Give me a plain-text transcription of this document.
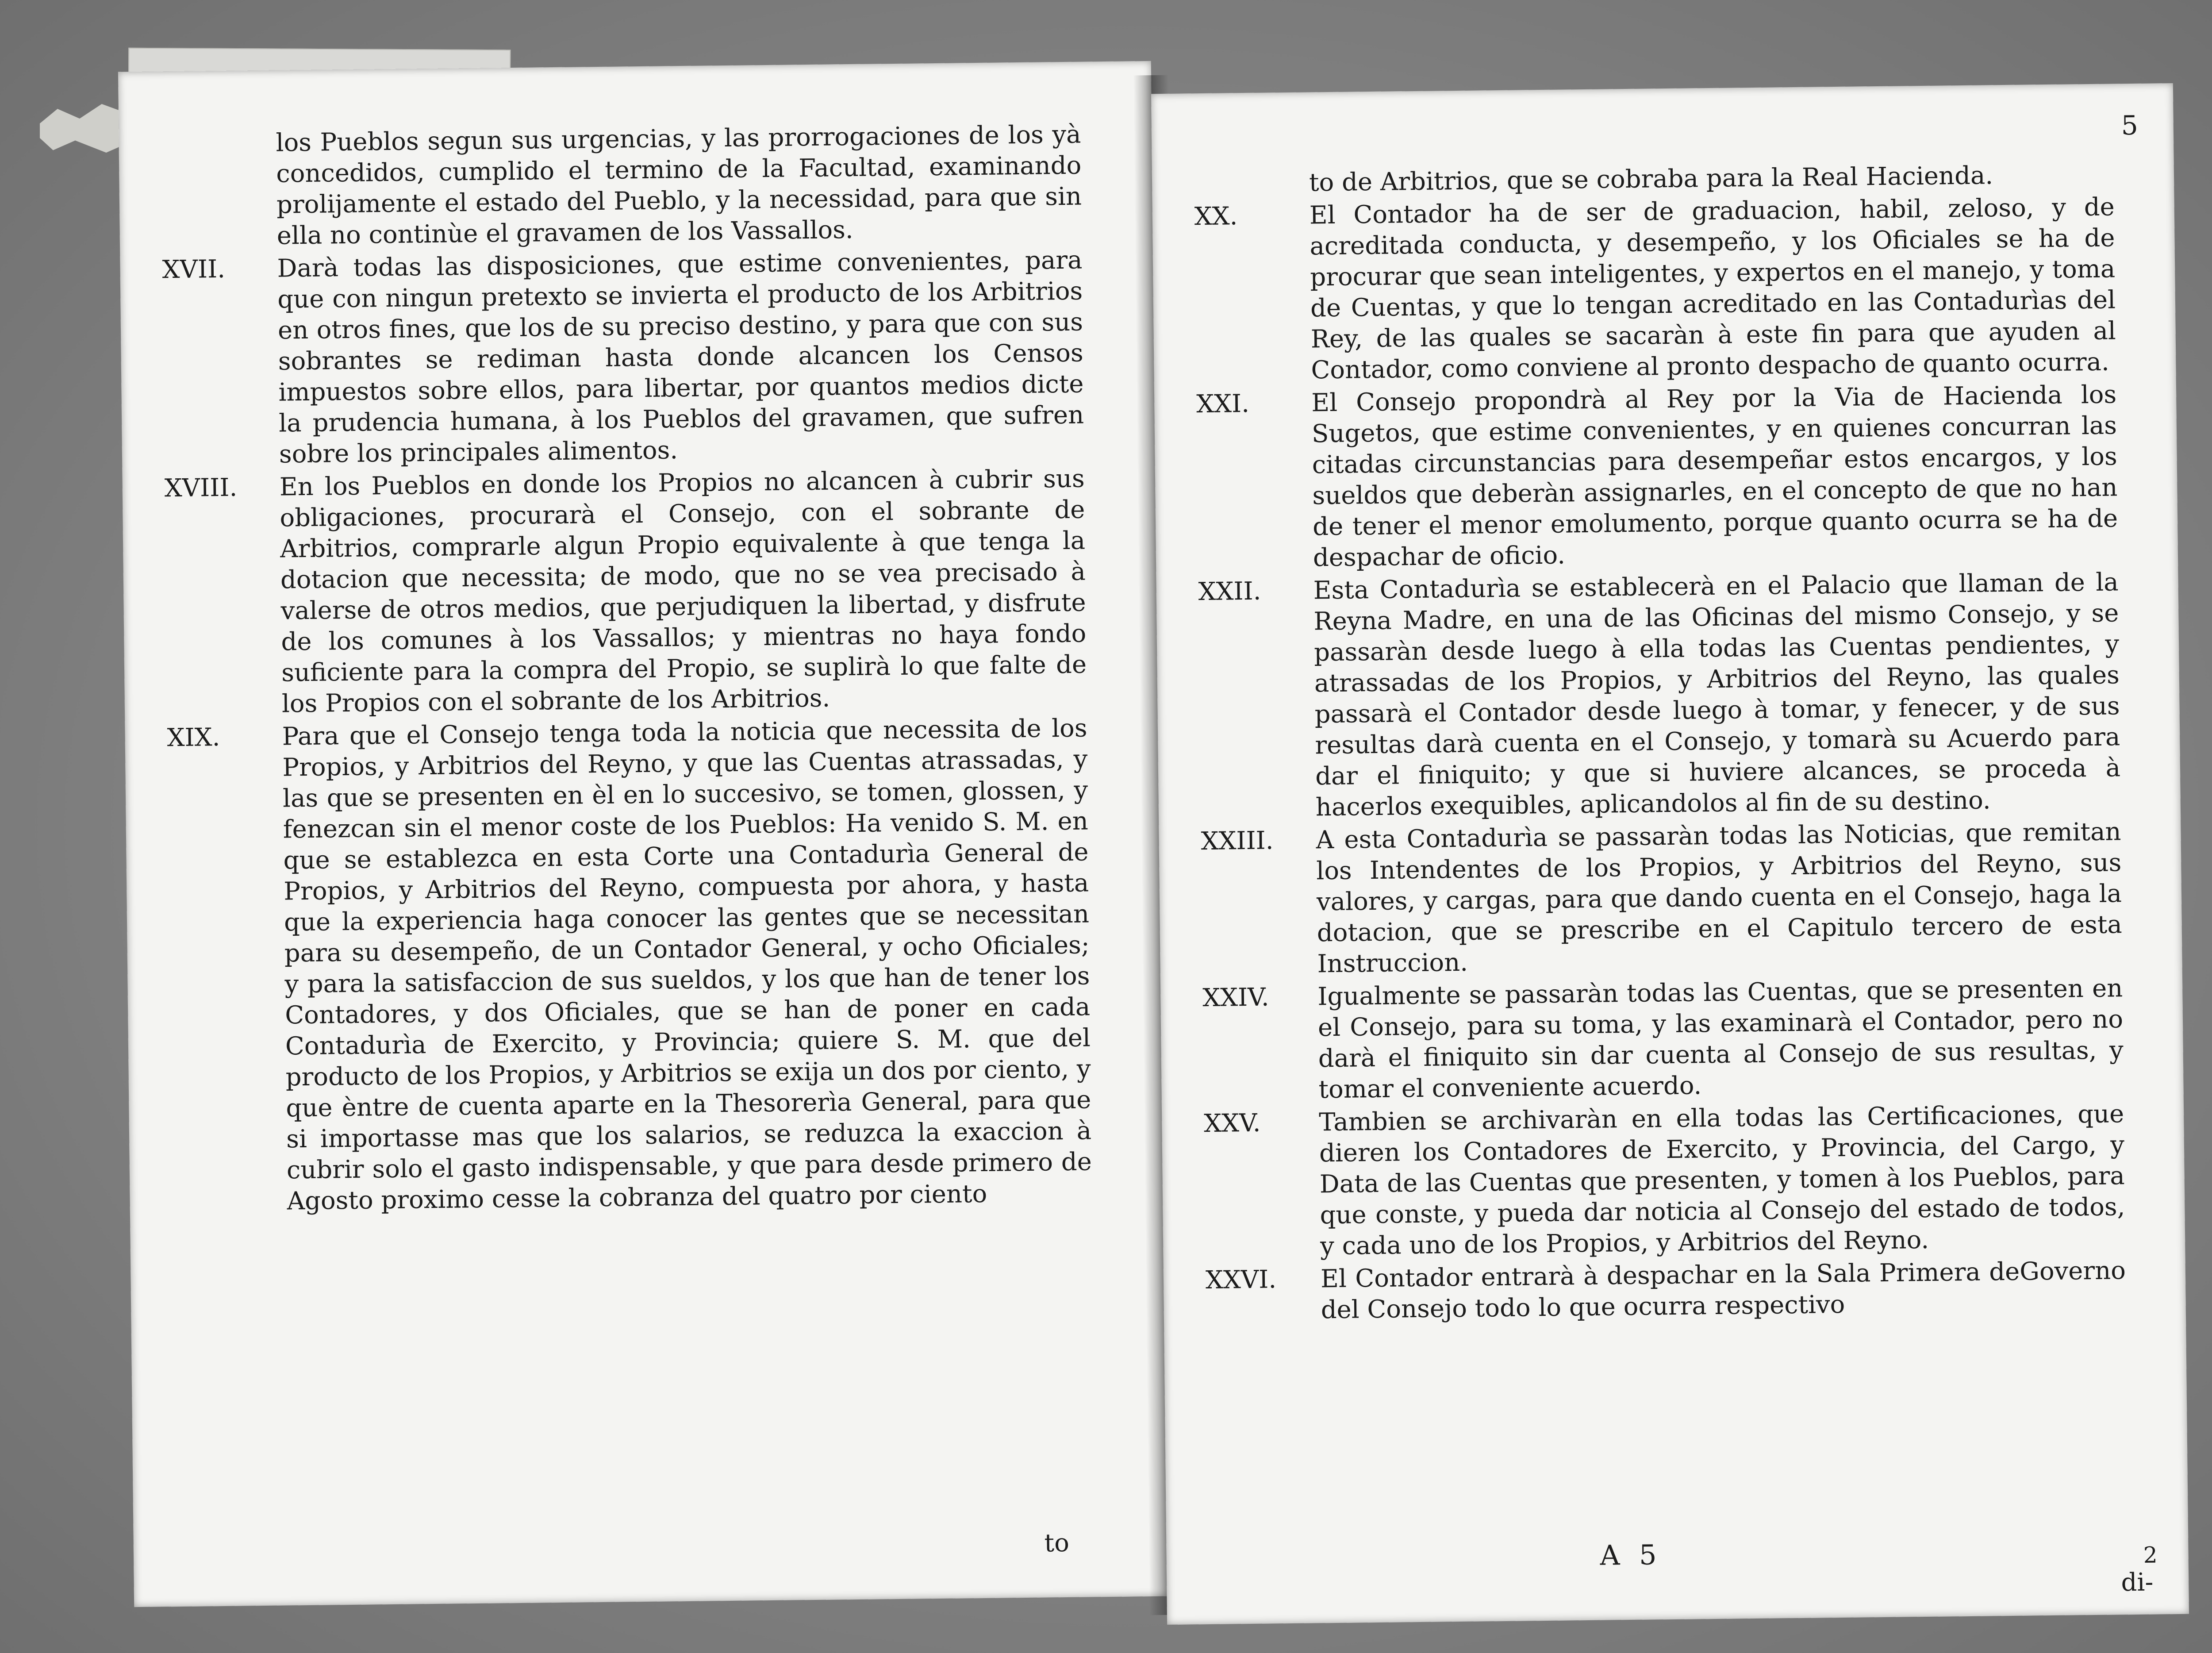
los Pueblos segun sus urgencias, y las prorrogaciones de los yà concedidos, cumplido el termino de la Facultad, examinando prolijamente el estado del Pueblo, y la necessidad, para que sin ella no continùe el gravamen de los Vassallos.

XVII.	Darà todas las disposiciones, que estime convenientes, para que con ningun pretexto se invierta el producto de los Arbitrios en otros fines, que los de su preciso destino, y para que con sus sobrantes se rediman hasta donde alcancen los Censos impuestos sobre ellos, para libertar, por quantos medios dicte la prudencia humana, à los Pueblos del gravamen, que sufren sobre los principales alimentos.
XVIII.	En los Pueblos en donde los Propios no alcancen à cubrir sus obligaciones, procurarà el Consejo, con el sobrante de Arbitrios, comprarle algun Propio equivalente à que tenga la dotacion que necessita; de modo, que no se vea precisado à valerse de otros medios, que perjudiquen la libertad, y disfrute de los comunes à los Vassallos; y mientras no haya fondo suficiente para la compra del Propio, se suplirà lo que falte de los Propios con el sobrante de los Arbitrios.
XIX.	Para que el Consejo tenga toda la noticia que necessita de los Propios, y Arbitrios del Reyno, y que las Cuentas atrassadas, y las que se presenten en èl en lo succesivo, se tomen, glossen, y fenezcan sin el menor coste de los Pueblos: Ha venido S. M. en que se establezca en esta Corte una Contadurìa General de Propios, y Arbitrios del Reyno, compuesta por ahora, y hasta que la experiencia haga conocer las gentes que se necessitan para su desempeño, de un Contador General, y ocho Oficiales; y para la satisfaccion de sus sueldos, y los que han de tener los Contadores, y dos Oficiales, que se han de poner en cada Contadurìa de Exercito, y Provincia; quiere S. M. que del producto de los Propios, y Arbitrios se exija un dos por ciento, y que èntre de cuenta aparte en la Thesorerìa General, para que si importasse mas que los salarios, se reduzca la exaccion à cubrir solo el gasto indispensable, y que para desde primero de Agosto proximo cesse la cobranza del quatro por ciento
to
5

to de Arbitrios, que se cobraba para la Real Hacienda.

XX.	El Contador ha de ser de graduacion, habil, zeloso, y de acreditada conducta, y desempeño, y los Oficiales se ha de procurar que sean inteligentes, y expertos en el manejo, y toma de Cuentas, y que lo tengan acreditado en las Contadurìas del Rey, de las quales se sacaràn à este fin para que ayuden al Contador, como conviene al pronto despacho de quanto ocurra.
XXI.	El Consejo propondrà al Rey por la Via de Hacienda los Sugetos, que estime convenientes, y en quienes concurran las citadas circunstancias para desempeñar estos encargos, y los sueldos que deberàn assignarles, en el concepto de que no han de tener el menor emolumento, porque quanto ocurra se ha de despachar de oficio.
XXII.	Esta Contadurìa se establecerà en el Palacio que llaman de la Reyna Madre, en una de las Oficinas del mismo Consejo, y se passaràn desde luego à ella todas las Cuentas pendientes, y atrassadas de los Propios, y Arbitrios del Reyno, las quales passarà el Contador desde luego à tomar, y fenecer, y de sus resultas darà cuenta en el Consejo, y tomarà su Acuerdo para dar el finiquito; y que si huviere alcances, se proceda à hacerlos exequibles, aplicandolos al fin de su destino.
XXIII.	A esta Contadurìa se passaràn todas las Noticias, que remitan los Intendentes de los Propios, y Arbitrios del Reyno, sus valores, y cargas, para que dando cuenta en el Consejo, haga la dotacion, que se prescribe en el Capitulo tercero de esta Instruccion.
XXIV.	Igualmente se passaràn todas las Cuentas, que se presenten en el Consejo, para su toma, y las examinarà el Contador, pero no darà el finiquito sin dar cuenta al Consejo de sus resultas, y tomar el conveniente acuerdo.
XXV.	Tambien se archivaràn en ella todas las Certificaciones, que dieren los Contadores de Exercito, y Provincia, del Cargo, y Data de las Cuentas que presenten, y tomen à los Pueblos, para que conste, y pueda dar noticia al Consejo del estado de todos, y cada uno de los Propios, y Arbitrios del Reyno.
XXVI.	El Contador entrarà à despachar en la Sala Primera deGoverno del Consejo todo lo que ocurra respectivo
A 5	2
di-
